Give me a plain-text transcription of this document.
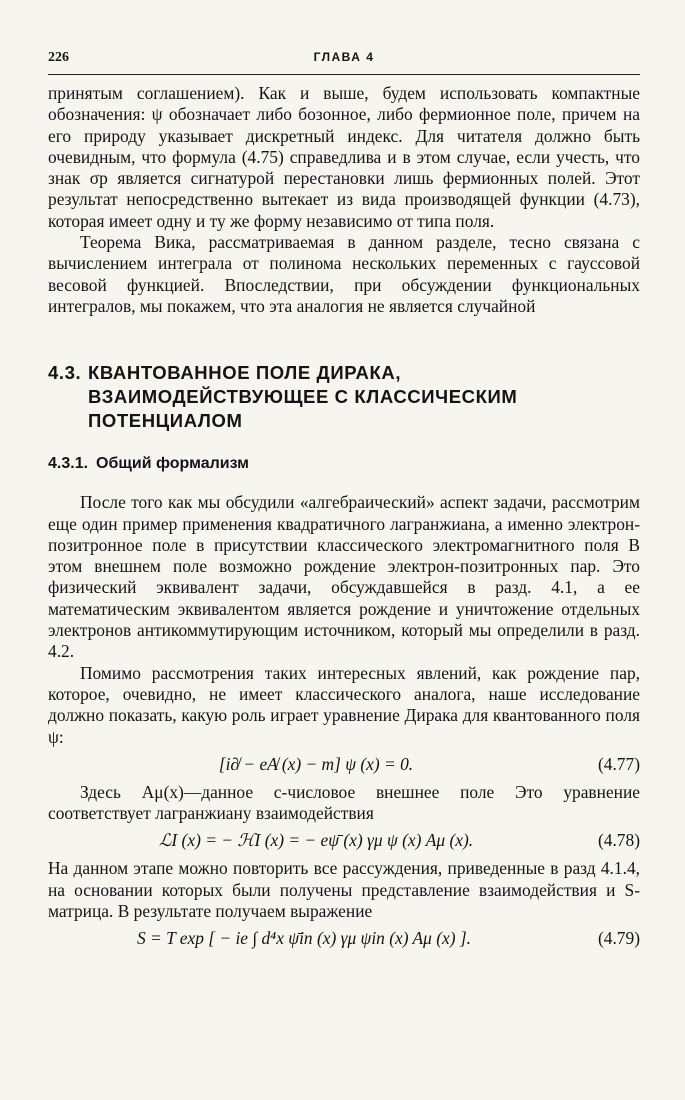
226	ГЛАВА 4

принятым соглашением). Как и выше, будем использовать компактные обозначения: ψ обозначает либо бозонное, либо фермионное поле, причем на его природу указывает дискретный индекс. Для читателя должно быть очевидным, что формула (4.75) справедлива и в этом случае, если учесть, что знак σp является сигнатурой перестановки лишь фермионных полей. Этот результат непосредственно вытекает из вида производящей функции (4.73), которая имеет одну и ту же форму независимо от типа поля.

Теорема Вика, рассматриваемая в данном разделе, тесно связана с вычислением интеграла от полинома нескольких переменных с гауссовой весовой функцией. Впоследствии, при обсуждении функциональных интегралов, мы покажем, что эта аналогия не является случайной

4.3. КВАНТОВАННОЕ ПОЛЕ ДИРАКА,
ВЗАИМОДЕЙСТВУЮЩЕЕ С КЛАССИЧЕСКИМ
ПОТЕНЦИАЛОМ
4.3.1. Общий формализм

После того как мы обсудили «алгебраический» аспект задачи, рассмотрим еще один пример применения квадратичного лагранжиана, а именно электрон-позитронное поле в присутствии классического электромагнитного поля В этом внешнем поле возможно рождение электрон-позитронных пар. Это физический эквивалент задачи, обсуждавшейся в разд. 4.1, а ее математическим эквивалентом является рождение и уничтожение отдельных электронов антикоммутирующим источником, который мы определили в разд. 4.2.

Помимо рассмотрения таких интересных явлений, как рождение пар, которое, очевидно, не имеет классического аналога, наше исследование должно показать, какую роль играет уравнение Дирака для квантованного поля ψ:

[i∂̸ − eA̸ (x) − m] ψ (x) = 0.	(4.77)

Здесь Aμ(x)—данное с-числовое внешнее поле Это уравнение соответствует лагранжиану взаимодействия

ℒI (x) = − ℋI (x) = − eψ̄ (x) γμ ψ (x) Aμ (x).	(4.78)

На данном этапе можно повторить все рассуждения, приведенные в разд 4.1.4, на основании которых были получены представление взаимодействия и S-матрица. В результате получаем выражение

S = T exp [ − ie ∫ d⁴x ψ̄in (x) γμ ψin (x) Aμ (x) ].	(4.79)
